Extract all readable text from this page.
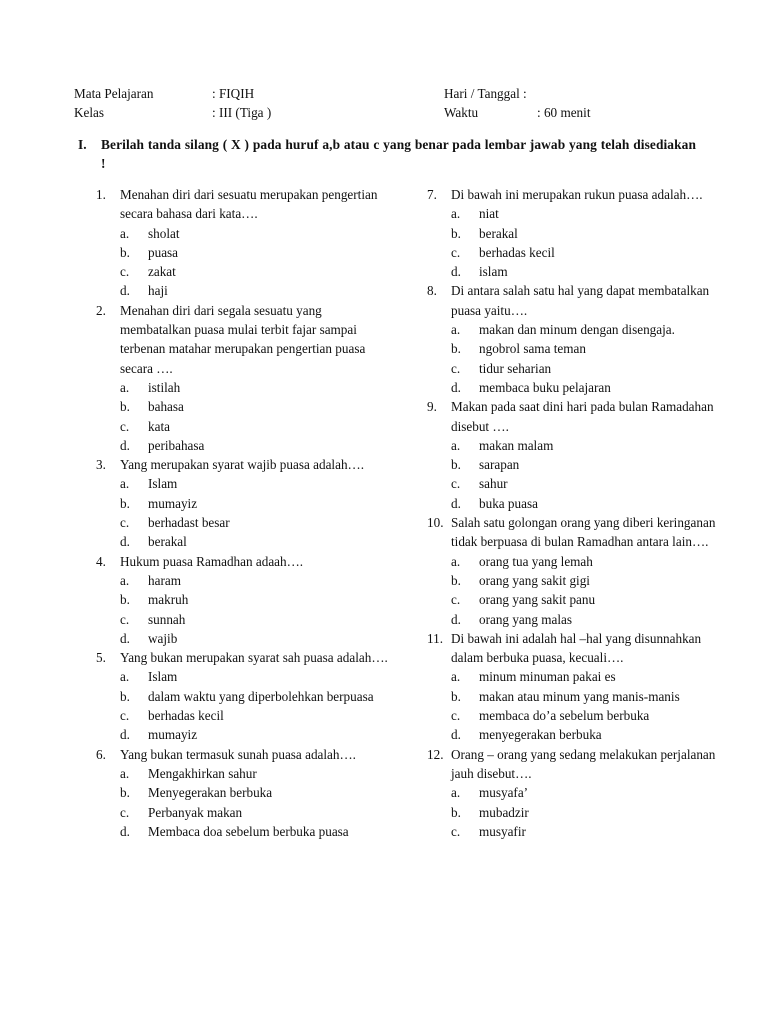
Mata Pelajaran	: FIQIH	Hari / Tanggal :
Kelas	: III (Tiga )	Waktu	: 60 menit
I. Berilah tanda silang ( X ) pada huruf a,b atau c yang benar pada lembar jawab yang telah disediakan !
1. Menahan diri dari sesuatu merupakan pengertian secara bahasa dari kata….
a. sholat
b. puasa
c. zakat
d. haji
2. Menahan diri dari segala sesuatu yang membatalkan puasa mulai terbit fajar sampai terbenan matahar merupakan pengertian puasa secara ….
a. istilah
b. bahasa
c. kata
d. peribahasa
3. Yang merupakan syarat wajib puasa adalah….
a. Islam
b. mumayiz
c. berhadast besar
d. berakal
4. Hukum puasa Ramadhan adaah….
a. haram
b. makruh
c. sunnah
d. wajib
5. Yang bukan merupakan syarat sah puasa adalah….
a. Islam
b. dalam waktu yang diperbolehkan berpuasa
c. berhadas kecil
d. mumayiz
6. Yang bukan termasuk sunah puasa adalah….
a. Mengakhirkan sahur
b. Menyegerakan berbuka
c. Perbanyak makan
d. Membaca doa sebelum berbuka puasa
7. Di bawah ini merupakan rukun puasa adalah….
a. niat
b. berakal
c. berhadas kecil
d. islam
8. Di antara salah satu hal yang dapat membatalkan puasa yaitu….
a. makan dan minum dengan disengaja.
b. ngobrol sama teman
c. tidur seharian
d. membaca buku pelajaran
9. Makan pada saat dini hari pada bulan Ramadahan disebut ….
a. makan malam
b. sarapan
c. sahur
d. buka puasa
10. Salah satu golongan orang yang diberi keringanan tidak berpuasa di bulan Ramadhan antara lain….
a. orang tua yang lemah
b. orang yang sakit gigi
c. orang yang sakit panu
d. orang yang malas
11. Di bawah ini adalah hal –hal yang disunnahkan dalam berbuka puasa, kecuali….
a. minum minuman pakai es
b. makan atau minum yang manis-manis
c. membaca do’a sebelum berbuka
d. menyegerakan berbuka
12. Orang – orang yang sedang melakukan perjalanan jauh disebut….
a. musyafa’
b. mubadzir
c. musyafir
